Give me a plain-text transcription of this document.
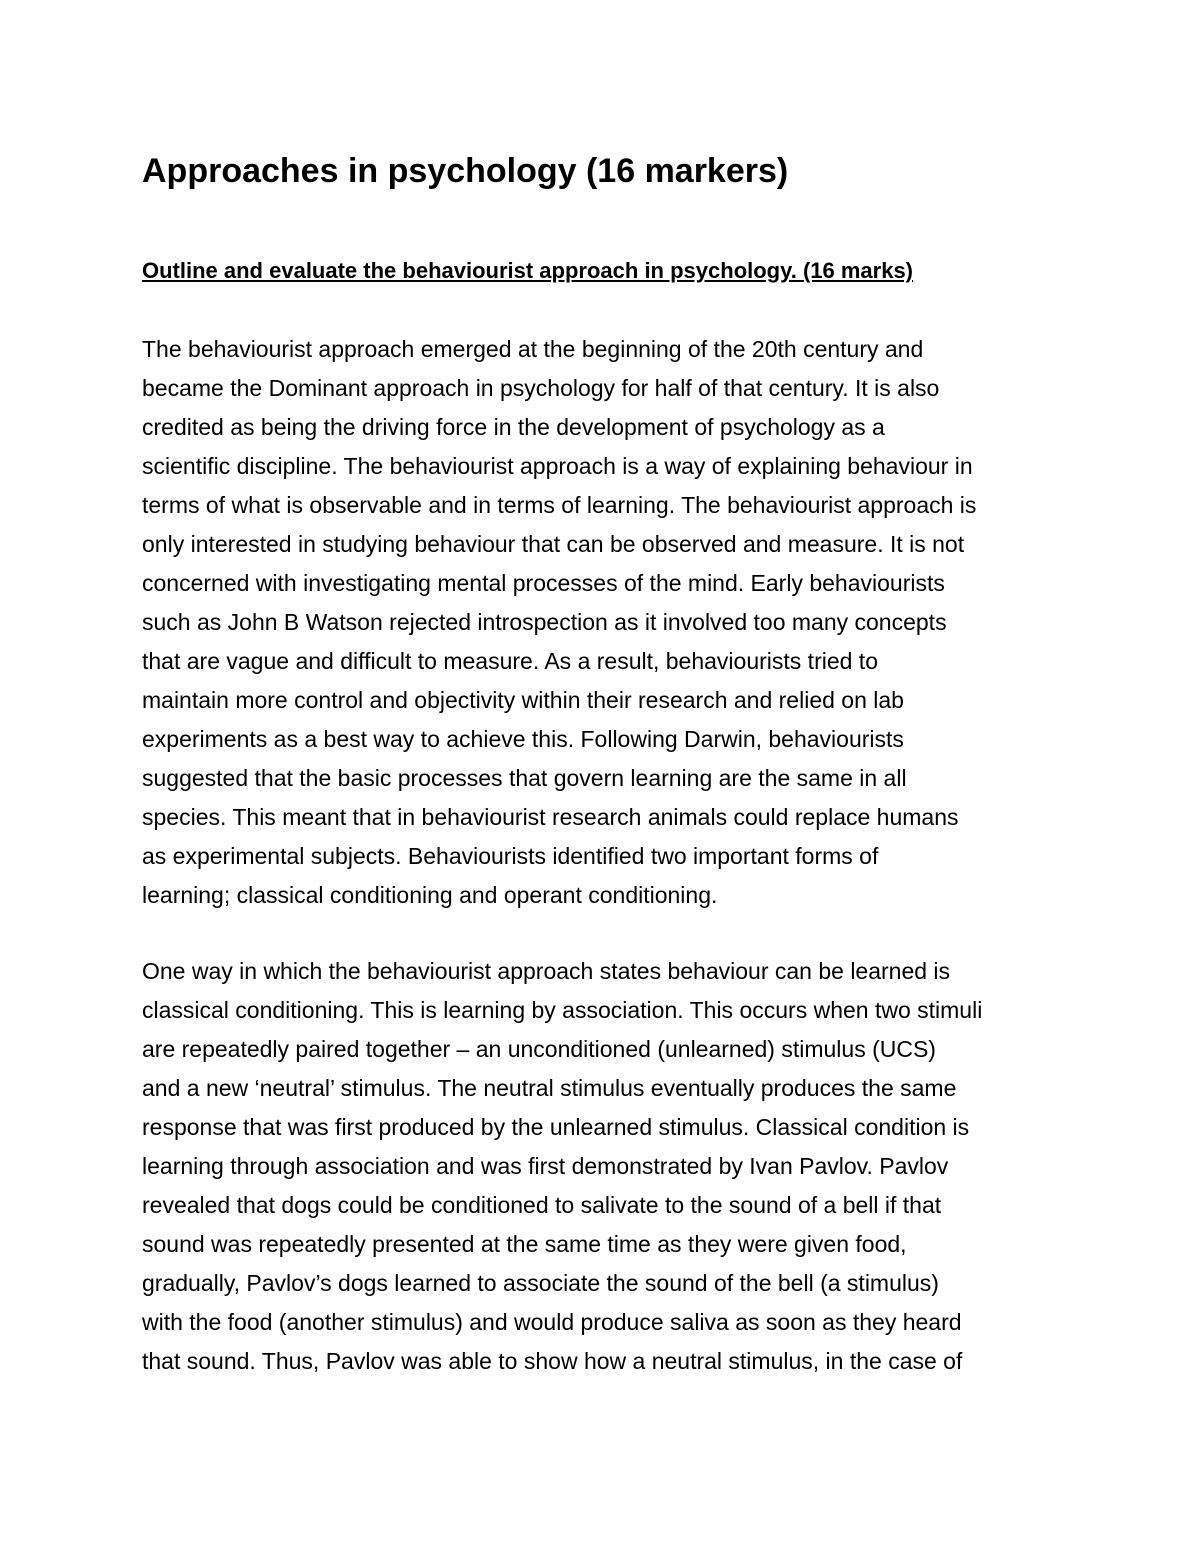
Approaches in psychology (16 markers)
Outline and evaluate the behaviourist approach in psychology. (16 marks)

The behaviourist approach emerged at the beginning of the 20th century and
became the Dominant approach in psychology for half of that century. It is also
credited as being the driving force in the development of psychology as a
scientific discipline. The behaviourist approach is a way of explaining behaviour in
terms of what is observable and in terms of learning. The behaviourist approach is
only interested in studying behaviour that can be observed and measure. It is not
concerned with investigating mental processes of the mind. Early behaviourists
such as John B Watson rejected introspection as it involved too many concepts
that are vague and difficult to measure. As a result, behaviourists tried to
maintain more control and objectivity within their research and relied on lab
experiments as a best way to achieve this. Following Darwin, behaviourists
suggested that the basic processes that govern learning are the same in all
species. This meant that in behaviourist research animals could replace humans
as experimental subjects. Behaviourists identified two important forms of
learning; classical conditioning and operant conditioning.

One way in which the behaviourist approach states behaviour can be learned is
classical conditioning. This is learning by association. This occurs when two stimuli
are repeatedly paired together – an unconditioned (unlearned) stimulus (UCS)
and a new ‘neutral’ stimulus. The neutral stimulus eventually produces the same
response that was first produced by the unlearned stimulus. Classical condition is
learning through association and was first demonstrated by Ivan Pavlov. Pavlov
revealed that dogs could be conditioned to salivate to the sound of a bell if that
sound was repeatedly presented at the same time as they were given food,
gradually, Pavlov’s dogs learned to associate the sound of the bell (a stimulus)
with the food (another stimulus) and would produce saliva as soon as they heard
that sound. Thus, Pavlov was able to show how a neutral stimulus, in the case of
